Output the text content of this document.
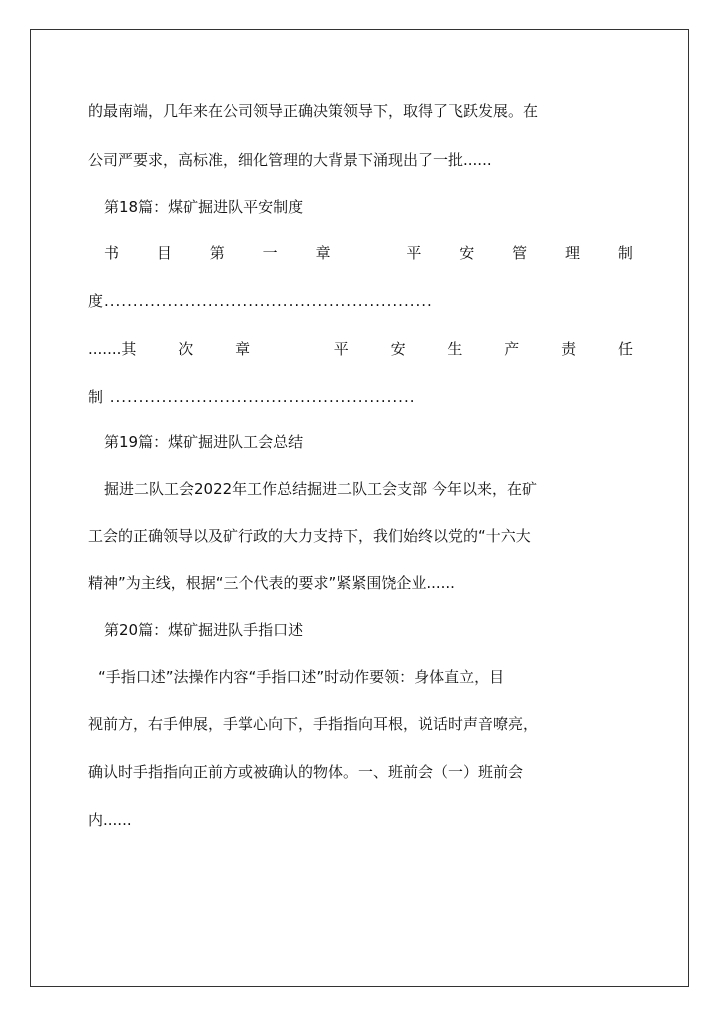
的最南端，几年来在公司领导正确决策领导下，取得了飞跃发展。在
公司严要求，高标准，细化管理的大背景下涌现出了一批......
第18篇：煤矿掘进队平安制度
书	目	第	一	章	平	安	管	理	制
度.........................................................
.......其	次	章	平	安	生	产	责	任
制 .....................................................
第19篇：煤矿掘进队工会总结
掘进二队工会2022年工作总结掘进二队工会支部 今年以来，在矿
工会的正确领导以及矿行政的大力支持下，我们始终以党的“十六大
精神”为主线，根据“三个代表的要求”紧紧围饶企业......
第20篇：煤矿掘进队手指口述
“手指口述”法操作内容“手指口述”时动作要领：身体直立，目
视前方，右手伸展，手掌心向下，手指指向耳根，说话时声音嘹亮，
确认时手指指向正前方或被确认的物体。一、班前会（一）班前会
内......
